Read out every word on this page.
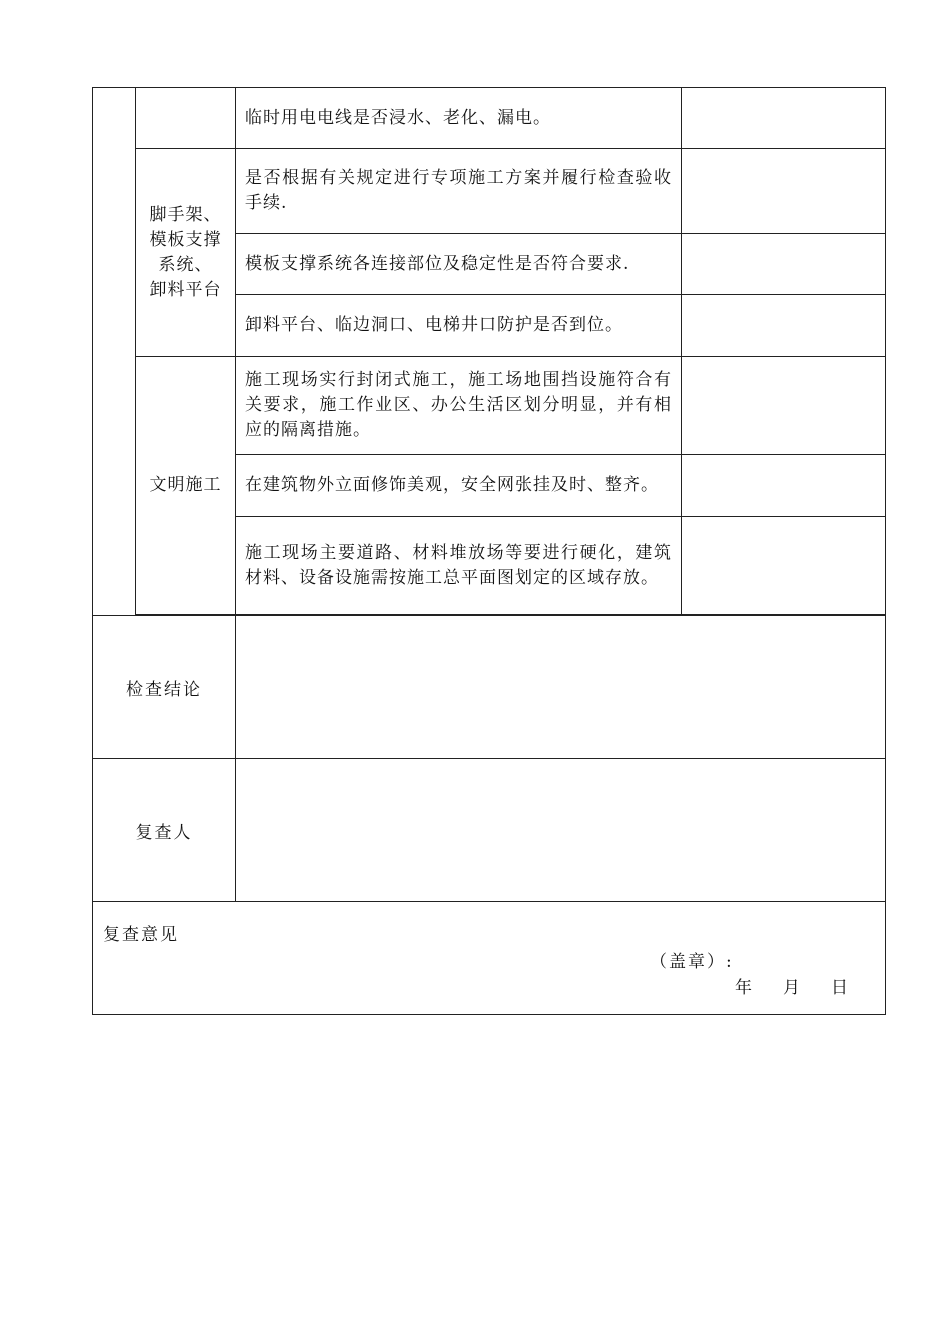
		临时用电电线是否浸水、老化、漏电。	

	脚手架、
模板支撑
系统、
卸料平台	是否根据有关规定进行专项施工方案并履行检查验收手续.	

		模板支撑系统各连接部位及稳定性是否符合要求.	

		卸料平台、临边洞口、电梯井口防护是否到位。	

	文明施工	施工现场实行封闭式施工，施工场地围挡设施符合有关要求，施工作业区、办公生活区划分明显，并有相应的隔离措施。	

		在建筑物外立面修饰美观，安全网张挂及时、整齐。	

		施工现场主要道路、材料堆放场等要进行硬化，建筑材料、设备设施需按施工总平面图划定的区域存放。	

检查结论			
复查人			

复查意见
（盖章）:
年 月 日			
